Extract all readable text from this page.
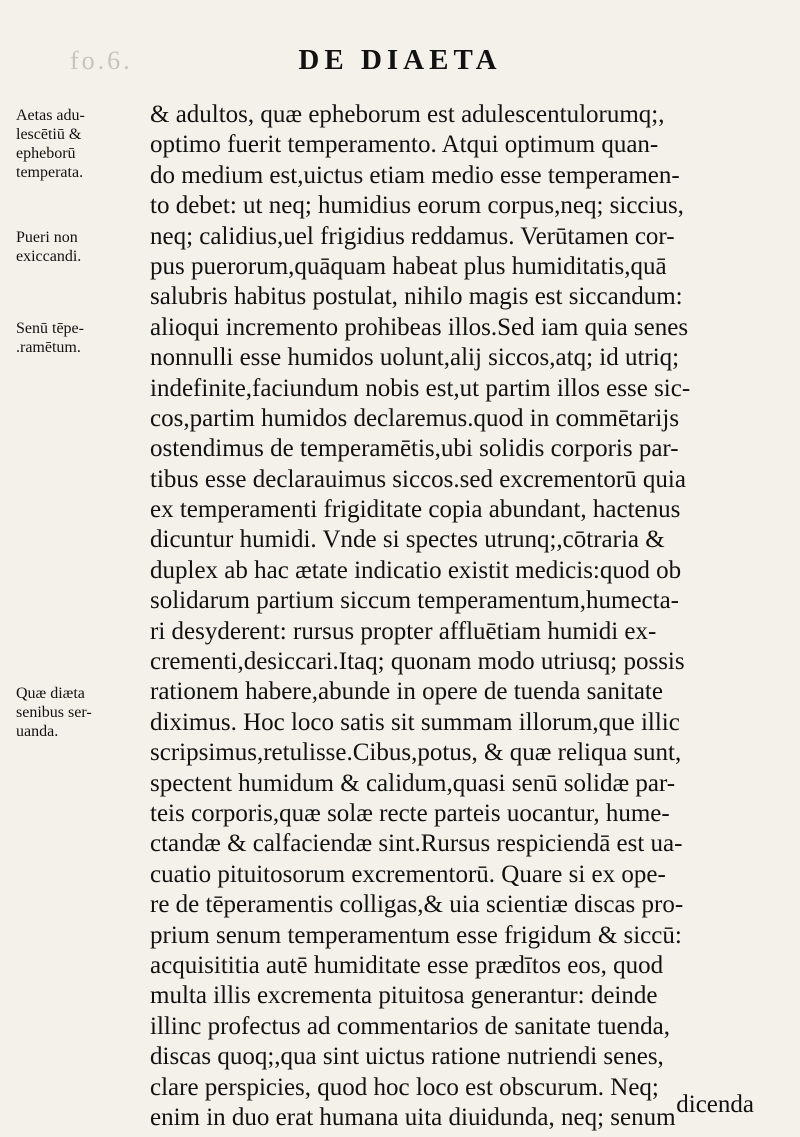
fo.6.	DE DIAETA
Aetas adu-
lescētiū &
epheborū
temperata.
Pueri non
exiccandi.
Senū tēpe-
.ramētum.
Quæ diæta
senibus ser-
uanda.
& adultos, quæ epheborum est adulescentulorumq;,
optimo fuerit temperamento. Atqui optimum quan-
do medium est,uictus etiam medio esse temperamen-
to debet: ut neq; humidius eorum corpus,neq; siccius,
neq; calidius,uel frigidius reddamus. Verūtamen cor-
pus puerorum,quāquam habeat plus humiditatis,quā
salubris habitus postulat, nihilo magis est siccandum:
alioqui incremento prohibeas illos.Sed iam quia senes
nonnulli esse humidos uolunt,alij siccos,atq; id utriq;
indefinite,faciundum nobis est,ut partim illos esse sic-
cos,partim humidos declaremus.quod in commētarijs
ostendimus de temperamētis,ubi solidis corporis par-
tibus esse declarauimus siccos.sed excrementorū quia
ex temperamenti frigiditate copia abundant, hactenus
dicuntur humidi. Vnde si spectes utrunq;,cōtraria &
duplex ab hac ætate indicatio existit medicis:quod ob
solidarum partium siccum temperamentum,humecta-
ri desyderent: rursus propter affluētiam humidi ex-
crementi,desiccari.Itaq; quonam modo utriusq; possis
rationem habere,abunde in opere de tuenda sanitate
diximus. Hoc loco satis sit summam illorum,que illic
scripsimus,retulisse.Cibus,potus, & quæ reliqua sunt,
spectent humidum & calidum,quasi senū solidæ par-
teis corporis,quæ solæ recte parteis uocantur, hume-
ctandæ & calfaciendæ sint.Rursus respiciendā est ua-
cuatio pituitosorum excrementorū. Quare si ex ope-
re de tēperamentis colligas,& uia scientiæ discas pro-
prium senum temperamentum esse frigidum & siccū:
acquisititia autē humiditate esse prædītos eos, quod
multa illis excrementa pituitosa generantur: deinde
illinc profectus ad commentarios de sanitate tuenda,
discas quoq;,qua sint uictus ratione nutriendi senes,
clare perspicies, quod hoc loco est obscurum. Neq;
enim in duo erat humana uita diuidunda, neq; senum dicenda
